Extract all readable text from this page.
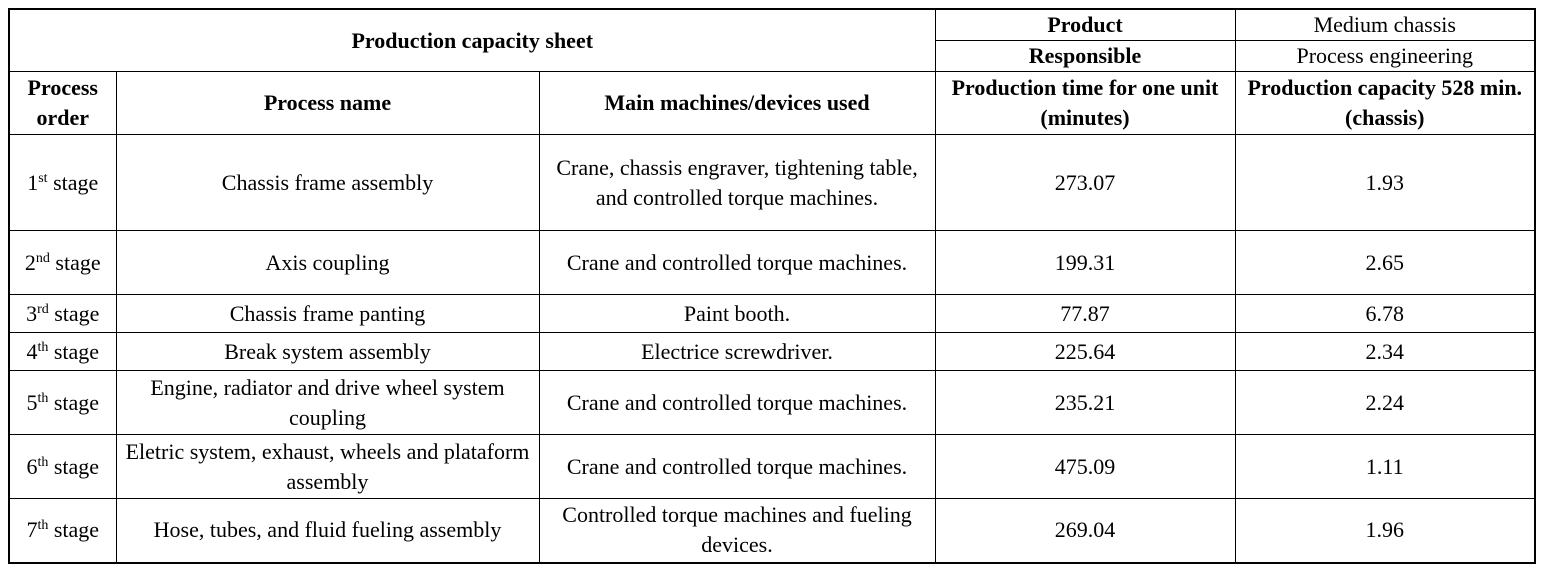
Production capacity sheet			Product	Medium chassis
			Responsible	Process engineering
Process order	Process name	Main machines/devices used	Production time for one unit (minutes)	Production capacity 528 min. (chassis)
1st stage	Chassis frame assembly	Crane, chassis engraver, tightening table, and controlled torque machines.	273.07	1.93
2nd stage	Axis coupling	Crane and controlled torque machines.	199.31	2.65
3rd stage	Chassis frame panting	Paint booth.	77.87	6.78
4th stage	Break system assembly	Electrice screwdriver.	225.64	2.34
5th stage	Engine, radiator and drive wheel system coupling	Crane and controlled torque machines.	235.21	2.24
6th stage	Eletric system, exhaust, wheels and plataform assembly	Crane and controlled torque machines.	475.09	1.11
7th stage	Hose, tubes, and fluid fueling assembly	Controlled torque machines and fueling devices.	269.04	1.96
